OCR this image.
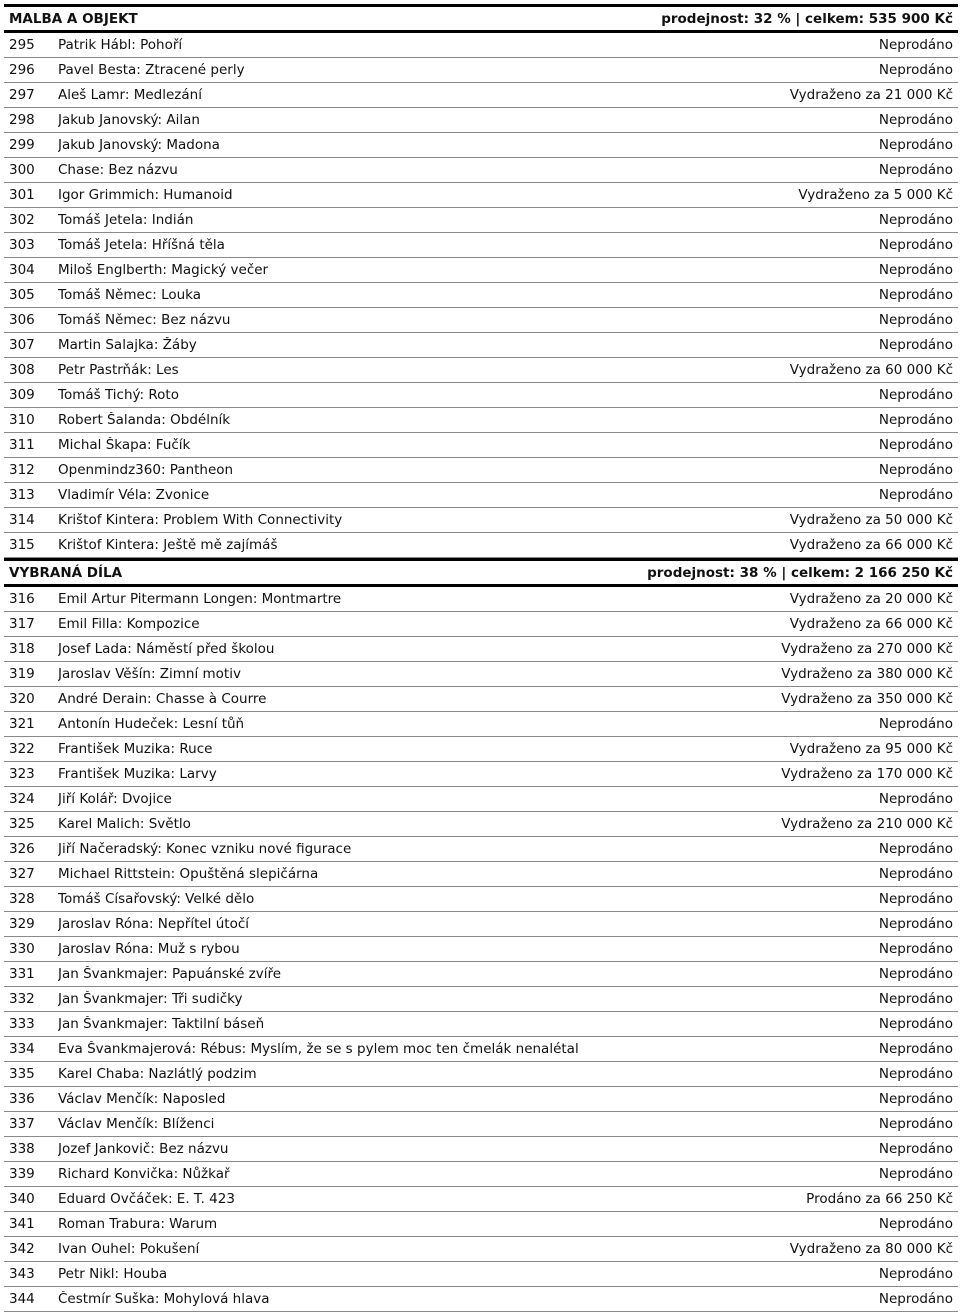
MALBA A OBJEKT	prodejnost: 32 % | celkem: 535 900 Kč
295	Patrik Hábl: Pohoří	Neprodáno
296	Pavel Besta: Ztracené perly	Neprodáno
297	Aleš Lamr: Medlezání	Vydraženo za 21 000 Kč
298	Jakub Janovský: Ailan	Neprodáno
299	Jakub Janovský: Madona	Neprodáno
300	Chase: Bez názvu	Neprodáno
301	Igor Grimmich: Humanoid	Vydraženo za 5 000 Kč
302	Tomáš Jetela: Indián	Neprodáno
303	Tomáš Jetela: Hříšná těla	Neprodáno
304	Miloš Englberth: Magický večer	Neprodáno
305	Tomáš Němec: Louka	Neprodáno
306	Tomáš Němec: Bez názvu	Neprodáno
307	Martin Salajka: Žáby	Neprodáno
308	Petr Pastrňák: Les	Vydraženo za 60 000 Kč
309	Tomáš Tichý: Roto	Neprodáno
310	Robert Šalanda: Obdélník	Neprodáno
311	Michal Škapa: Fučík	Neprodáno
312	Openmindz360: Pantheon	Neprodáno
313	Vladimír Véla: Zvonice	Neprodáno
314	Krištof Kintera: Problem With Connectivity	Vydraženo za 50 000 Kč
315	Krištof Kintera: Ještě mě zajímáš	Vydraženo za 66 000 Kč
VYBRANÁ DÍLA	prodejnost: 38 % | celkem: 2 166 250 Kč
316	Emil Artur Pitermann Longen: Montmartre	Vydraženo za 20 000 Kč
317	Emil Filla: Kompozice	Vydraženo za 66 000 Kč
318	Josef Lada: Náměstí před školou	Vydraženo za 270 000 Kč
319	Jaroslav Věšín: Zimní motiv	Vydraženo za 380 000 Kč
320	André Derain: Chasse à Courre	Vydraženo za 350 000 Kč
321	Antonín Hudeček: Lesní tůň	Neprodáno
322	František Muzika: Ruce	Vydraženo za 95 000 Kč
323	František Muzika: Larvy	Vydraženo za 170 000 Kč
324	Jiří Kolář: Dvojice	Neprodáno
325	Karel Malich: Světlo	Vydraženo za 210 000 Kč
326	Jiří Načeradský: Konec vzniku nové figurace	Neprodáno
327	Michael Rittstein: Opuštěná slepičárna	Neprodáno
328	Tomáš Císařovský: Velké dělo	Neprodáno
329	Jaroslav Róna: Nepřítel útočí	Neprodáno
330	Jaroslav Róna: Muž s rybou	Neprodáno
331	Jan Švankmajer: Papuánské zvíře	Neprodáno
332	Jan Švankmajer: Tři sudičky	Neprodáno
333	Jan Švankmajer: Taktilní báseň	Neprodáno
334	Eva Švankmajerová: Rébus: Myslím, že se s pylem moc ten čmelák nenalétal	Neprodáno
335	Karel Chaba: Nazlátlý podzim	Neprodáno
336	Václav Menčík: Naposled	Neprodáno
337	Václav Menčík: Blíženci	Neprodáno
338	Jozef Jankovič: Bez názvu	Neprodáno
339	Richard Konvička: Nůžkař	Neprodáno
340	Eduard Ovčáček: E. T. 423	Prodáno za 66 250 Kč
341	Roman Trabura: Warum	Neprodáno
342	Ivan Ouhel: Pokušení	Vydraženo za 80 000 Kč
343	Petr Nikl: Houba	Neprodáno
344	Čestmír Suška: Mohylová hlava	Neprodáno
